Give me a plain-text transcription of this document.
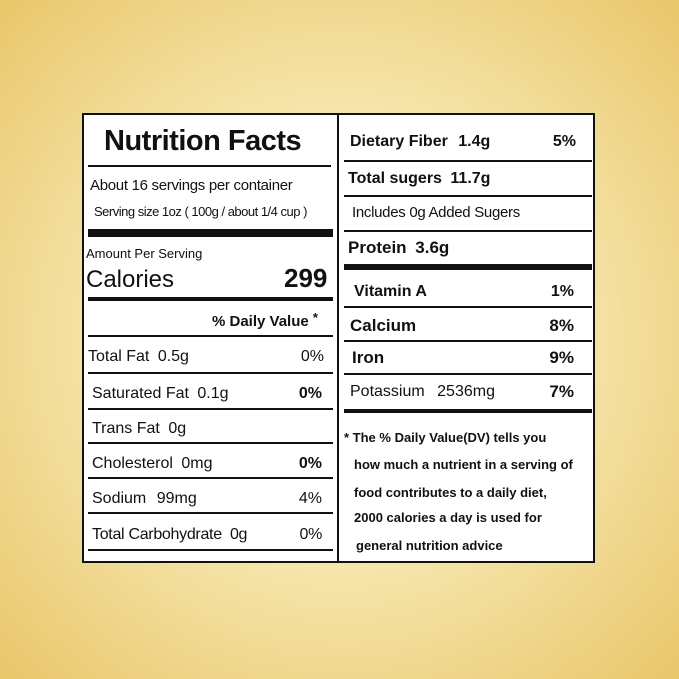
Nutrition Facts
About 16 servings per container
Serving size 1oz ( 100g / about 1/4 cup )
Amount Per Serving
Calories	299
% Daily Value *
Total Fat 0.5g	0%
Saturated Fat 0.1g	0%
Trans Fat 0g
Cholesterol 0mg	0%
Sodium 99mg	4%
Total Carbohydrate 0g	0%
Dietary Fiber 1.4g	5%
Total sugers 11.7g
Includes 0g Added Sugers
Protein 3.6g
Vitamin A	1%
Calcium	8%
Iron	9%
Potassium 2536mg	7%
* The % Daily Value(DV) tells you
how much a nutrient in a serving of
food contributes to a daily diet,
2000 calories a day is used for
general nutrition advice
